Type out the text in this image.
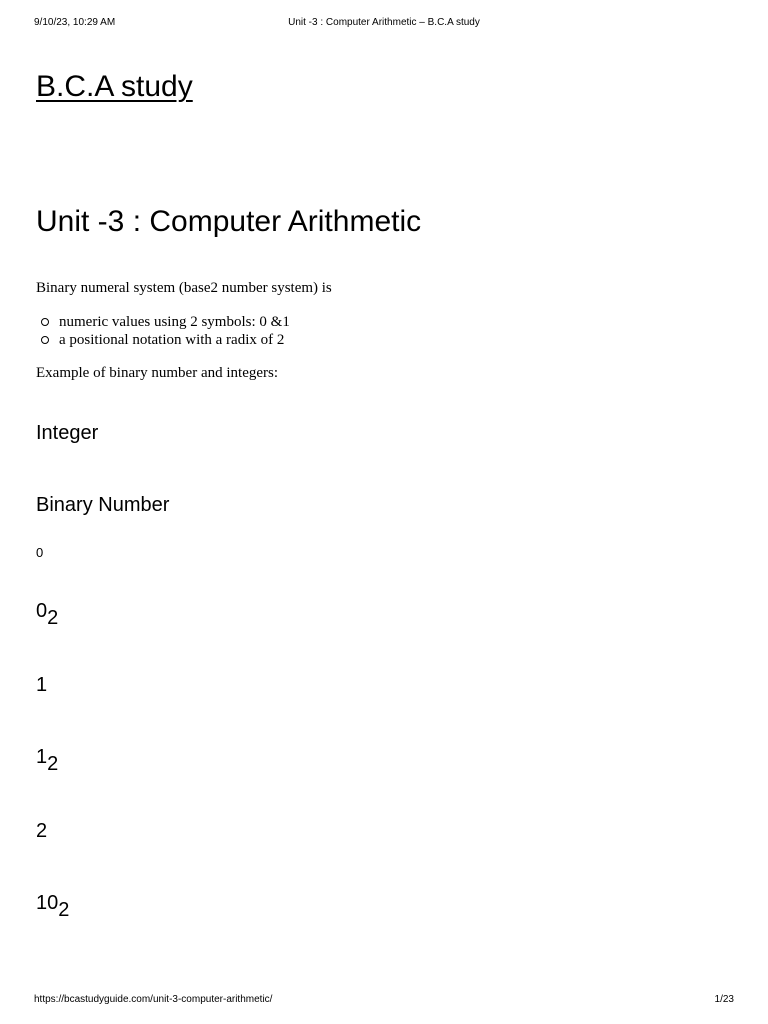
9/10/23, 10:29 AM	Unit -3 : Computer Arithmetic – B.C.A study
B.C.A study
Unit -3 : Computer Arithmetic

Binary numeral system (base2 number system) is

numeric values using 2 symbols: 0 &1
a positional notation with a radix of 2

Example of binary number and integers:

Integer
Binary Number
0
02
1
12
2
102
https://bcastudyguide.com/unit-3-computer-arithmetic/	1/23
